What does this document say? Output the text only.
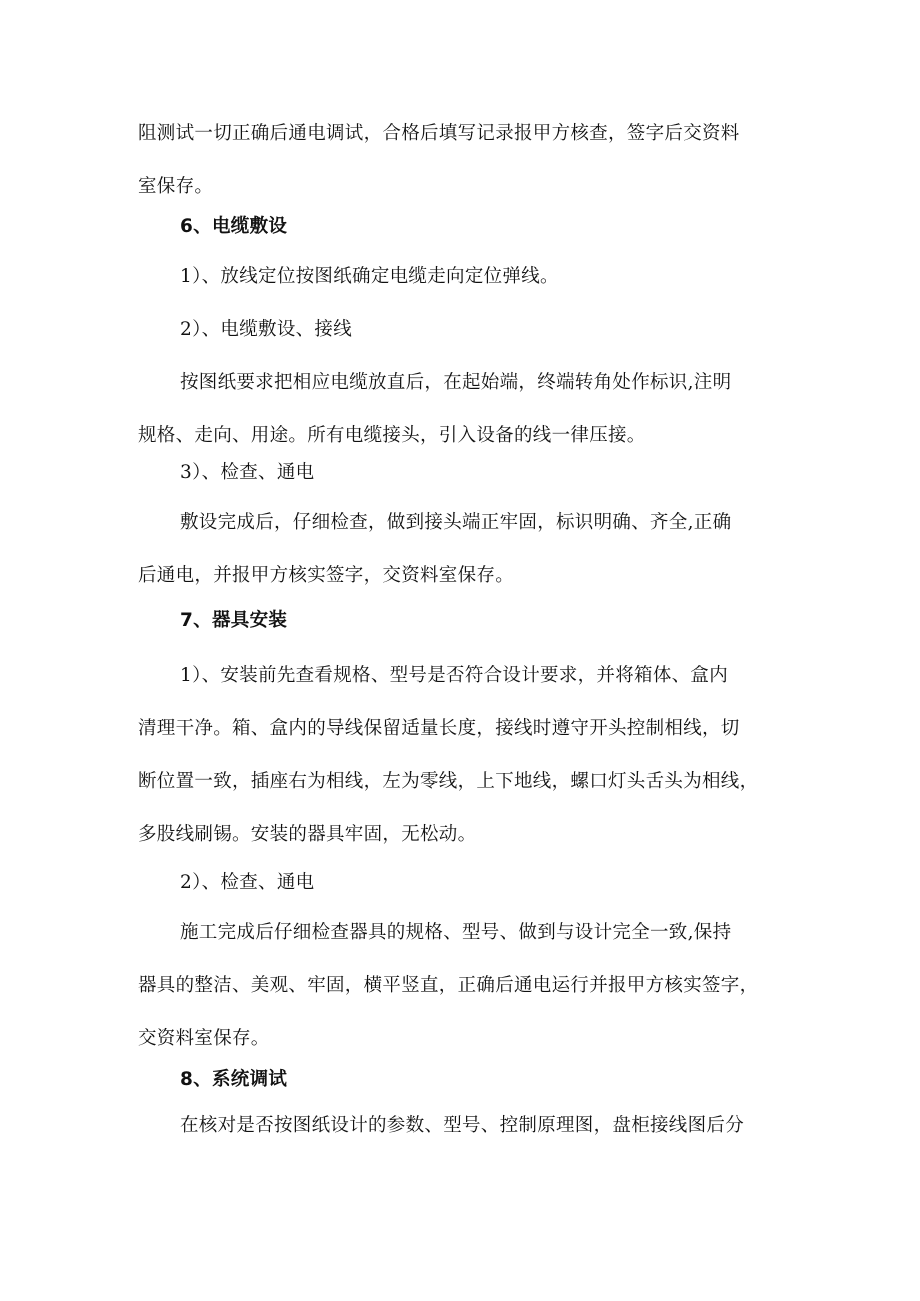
阻测试一切正确后通电调试，合格后填写记录报甲方核查，签字后交资料
室保存。
6、电缆敷设
1）、放线定位按图纸确定电缆走向定位弹线。
2）、电缆敷设、接线
按图纸要求把相应电缆放直后，在起始端，终端转角处作标识,注明
规格、走向、用途。所有电缆接头，引入设备的线一律压接。
3）、检查、通电
敷设完成后，仔细检查，做到接头端正牢固，标识明确、齐全,正确
后通电，并报甲方核实签字，交资料室保存。
7、器具安装
1）、安装前先查看规格、型号是否符合设计要求，并将箱体、盒内
清理干净。箱、盒内的导线保留适量长度，接线时遵守开头控制相线，切
断位置一致，插座右为相线，左为零线，上下地线，螺口灯头舌头为相线，
多股线刷锡。安装的器具牢固，无松动。
2）、检查、通电
施工完成后仔细检查器具的规格、型号、做到与设计完全一致,保持
器具的整洁、美观、牢固，横平竖直，正确后通电运行并报甲方核实签字，
交资料室保存。
8、系统调试
在核对是否按图纸设计的参数、型号、控制原理图，盘柜接线图后分
